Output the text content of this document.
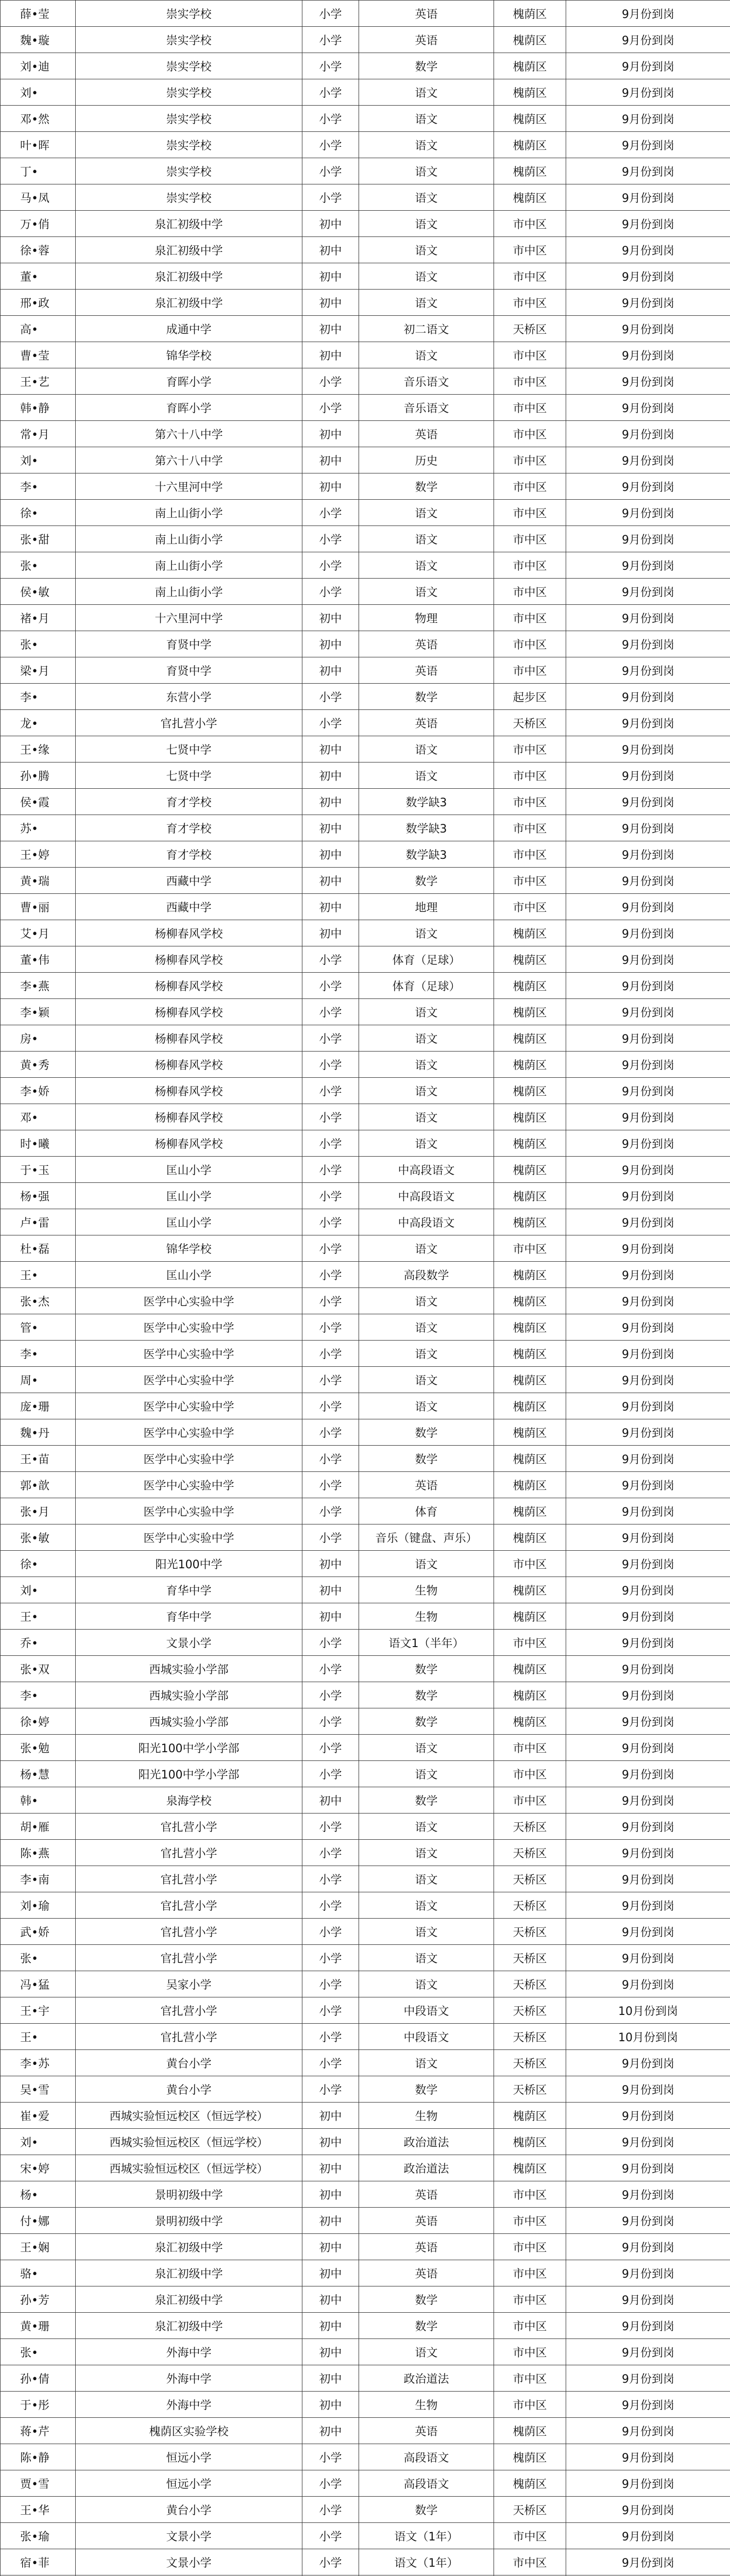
薛•莹	崇实学校	小学	英语	槐荫区	9月份到岗
魏•璇	崇实学校	小学	英语	槐荫区	9月份到岗
刘•迪	崇实学校	小学	数学	槐荫区	9月份到岗
刘•	崇实学校	小学	语文	槐荫区	9月份到岗
邓•然	崇实学校	小学	语文	槐荫区	9月份到岗
叶•晖	崇实学校	小学	语文	槐荫区	9月份到岗
丁•	崇实学校	小学	语文	槐荫区	9月份到岗
马•凤	崇实学校	小学	语文	槐荫区	9月份到岗
万•俏	泉汇初级中学	初中	语文	市中区	9月份到岗
徐•蓉	泉汇初级中学	初中	语文	市中区	9月份到岗
董•	泉汇初级中学	初中	语文	市中区	9月份到岗
邢•政	泉汇初级中学	初中	语文	市中区	9月份到岗
高•	成通中学	初中	初二语文	天桥区	9月份到岗
曹•莹	锦华学校	初中	语文	市中区	9月份到岗
王•艺	育晖小学	小学	音乐语文	市中区	9月份到岗
韩•静	育晖小学	小学	音乐语文	市中区	9月份到岗
常•月	第六十八中学	初中	英语	市中区	9月份到岗
刘•	第六十八中学	初中	历史	市中区	9月份到岗
李•	十六里河中学	初中	数学	市中区	9月份到岗
徐•	南上山街小学	小学	语文	市中区	9月份到岗
张•甜	南上山街小学	小学	语文	市中区	9月份到岗
张•	南上山街小学	小学	语文	市中区	9月份到岗
侯•敏	南上山街小学	小学	语文	市中区	9月份到岗
褚•月	十六里河中学	初中	物理	市中区	9月份到岗
张•	育贤中学	初中	英语	市中区	9月份到岗
梁•月	育贤中学	初中	英语	市中区	9月份到岗
李•	东营小学	小学	数学	起步区	9月份到岗
龙•	官扎营小学	小学	英语	天桥区	9月份到岗
王•缘	七贤中学	初中	语文	市中区	9月份到岗
孙•腾	七贤中学	初中	语文	市中区	9月份到岗
侯•霞	育才学校	初中	数学缺3	市中区	9月份到岗
苏•	育才学校	初中	数学缺3	市中区	9月份到岗
王•婷	育才学校	初中	数学缺3	市中区	9月份到岗
黄•瑞	西藏中学	初中	数学	市中区	9月份到岗
曹•丽	西藏中学	初中	地理	市中区	9月份到岗
艾•月	杨柳春风学校	初中	语文	槐荫区	9月份到岗
董•伟	杨柳春风学校	小学	体育（足球）	槐荫区	9月份到岗
李•燕	杨柳春风学校	小学	体育（足球）	槐荫区	9月份到岗
李•颖	杨柳春风学校	小学	语文	槐荫区	9月份到岗
房•	杨柳春风学校	小学	语文	槐荫区	9月份到岗
黄•秀	杨柳春风学校	小学	语文	槐荫区	9月份到岗
李•娇	杨柳春风学校	小学	语文	槐荫区	9月份到岗
邓•	杨柳春风学校	小学	语文	槐荫区	9月份到岗
时•曦	杨柳春风学校	小学	语文	槐荫区	9月份到岗
于•玉	匡山小学	小学	中高段语文	槐荫区	9月份到岗
杨•强	匡山小学	小学	中高段语文	槐荫区	9月份到岗
卢•雷	匡山小学	小学	中高段语文	槐荫区	9月份到岗
杜•磊	锦华学校	小学	语文	市中区	9月份到岗
王•	匡山小学	小学	高段数学	槐荫区	9月份到岗
张•杰	医学中心实验中学	小学	语文	槐荫区	9月份到岗
管•	医学中心实验中学	小学	语文	槐荫区	9月份到岗
李•	医学中心实验中学	小学	语文	槐荫区	9月份到岗
周•	医学中心实验中学	小学	语文	槐荫区	9月份到岗
庞•珊	医学中心实验中学	小学	语文	槐荫区	9月份到岗
魏•丹	医学中心实验中学	小学	数学	槐荫区	9月份到岗
王•苗	医学中心实验中学	小学	数学	槐荫区	9月份到岗
郭•歆	医学中心实验中学	小学	英语	槐荫区	9月份到岗
张•月	医学中心实验中学	小学	体育	槐荫区	9月份到岗
张•敏	医学中心实验中学	小学	音乐（键盘、声乐）	槐荫区	9月份到岗
徐•	阳光100中学	初中	语文	市中区	9月份到岗
刘•	育华中学	初中	生物	槐荫区	9月份到岗
王•	育华中学	初中	生物	槐荫区	9月份到岗
乔•	文景小学	小学	语文1（半年）	市中区	9月份到岗
张•双	西城实验小学部	小学	数学	槐荫区	9月份到岗
李•	西城实验小学部	小学	数学	槐荫区	9月份到岗
徐•婷	西城实验小学部	小学	数学	槐荫区	9月份到岗
张•勉	阳光100中学小学部	小学	语文	市中区	9月份到岗
杨•慧	阳光100中学小学部	小学	语文	市中区	9月份到岗
韩•	泉海学校	初中	数学	市中区	9月份到岗
胡•雁	官扎营小学	小学	语文	天桥区	9月份到岗
陈•燕	官扎营小学	小学	语文	天桥区	9月份到岗
李•南	官扎营小学	小学	语文	天桥区	9月份到岗
刘•瑜	官扎营小学	小学	语文	天桥区	9月份到岗
武•娇	官扎营小学	小学	语文	天桥区	9月份到岗
张•	官扎营小学	小学	语文	天桥区	9月份到岗
冯•猛	吴家小学	小学	语文	天桥区	9月份到岗
王•宇	官扎营小学	小学	中段语文	天桥区	10月份到岗
王•	官扎营小学	小学	中段语文	天桥区	10月份到岗
李•苏	黄台小学	小学	语文	天桥区	9月份到岗
吴•雪	黄台小学	小学	数学	天桥区	9月份到岗
崔•爱	西城实验恒远校区（恒远学校）	初中	生物	槐荫区	9月份到岗
刘•	西城实验恒远校区（恒远学校）	初中	政治道法	槐荫区	9月份到岗
宋•婷	西城实验恒远校区（恒远学校）	初中	政治道法	槐荫区	9月份到岗
杨•	景明初级中学	初中	英语	市中区	9月份到岗
付•娜	景明初级中学	初中	英语	市中区	9月份到岗
王•娴	泉汇初级中学	初中	英语	市中区	9月份到岗
骆•	泉汇初级中学	初中	英语	市中区	9月份到岗
孙•芳	泉汇初级中学	初中	数学	市中区	9月份到岗
黄•珊	泉汇初级中学	初中	数学	市中区	9月份到岗
张•	外海中学	初中	语文	市中区	9月份到岗
孙•倩	外海中学	初中	政治道法	市中区	9月份到岗
于•彤	外海中学	初中	生物	市中区	9月份到岗
蒋•芹	槐荫区实验学校	初中	英语	槐荫区	9月份到岗
陈•静	恒远小学	小学	高段语文	槐荫区	9月份到岗
贾•雪	恒远小学	小学	高段语文	槐荫区	9月份到岗
王•华	黄台小学	小学	数学	天桥区	9月份到岗
张•瑜	文景小学	小学	语文（1年）	市中区	9月份到岗
宿•菲	文景小学	小学	语文（1年）	市中区	9月份到岗
